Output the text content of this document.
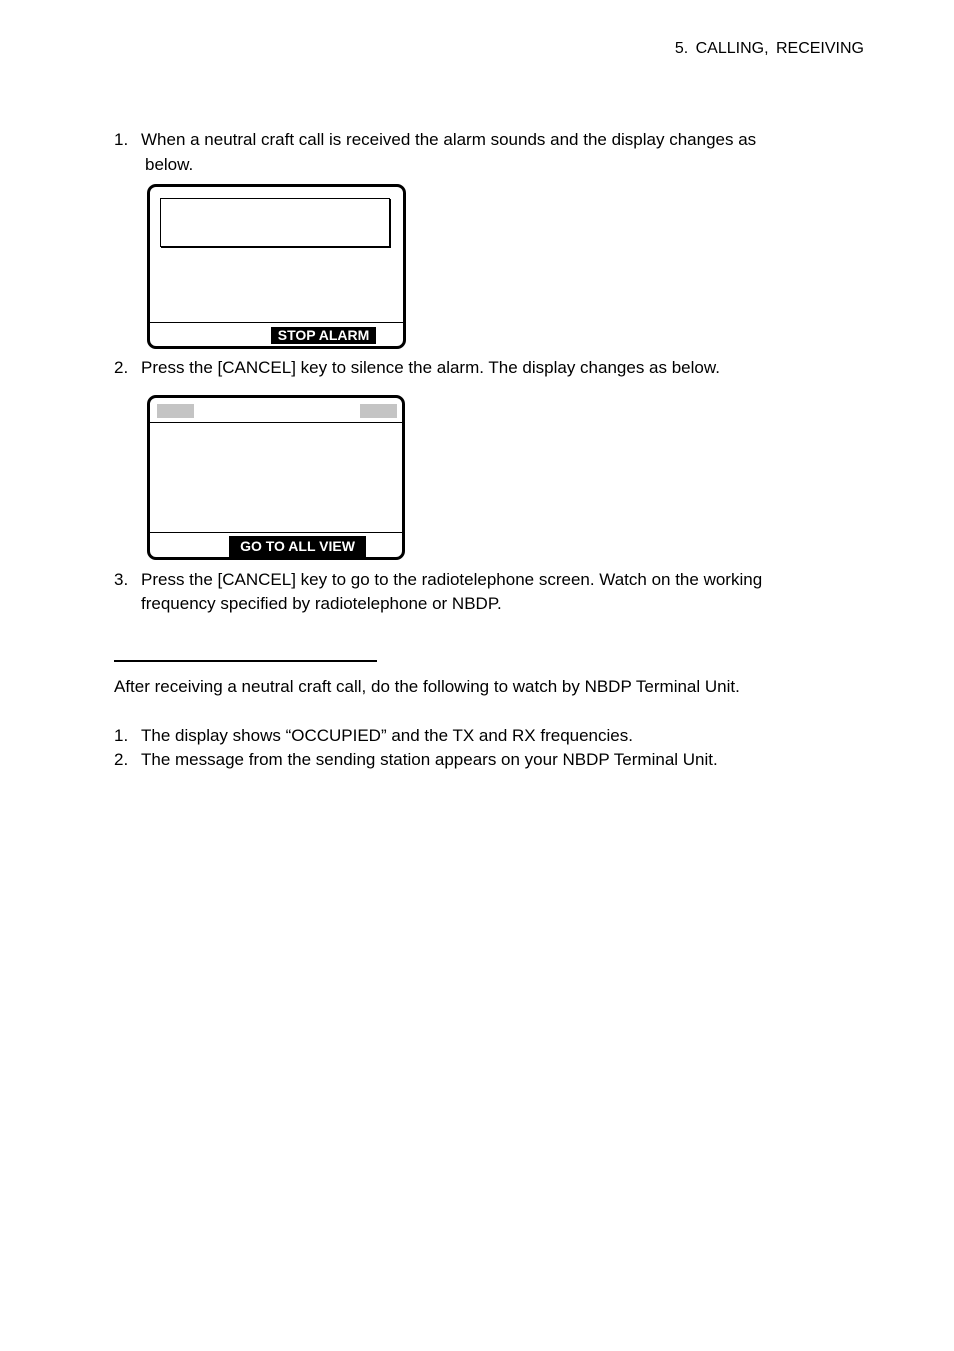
5. CALLING, RECEIVING
1. When a neutral craft call is received the alarm sounds and the display changes as
below.
STOP ALARM
2. Press the [CANCEL] key to silence the alarm. The display changes as below.
GO TO ALL VIEW
3. Press the [CANCEL] key to go to the radiotelephone screen. Watch on the working
frequency specified by radiotelephone or NBDP.
After receiving a neutral craft call, do the following to watch by NBDP Terminal Unit.
1. The display shows “OCCUPIED” and the TX and RX frequencies.
2. The message from the sending station appears on your NBDP Terminal Unit.
